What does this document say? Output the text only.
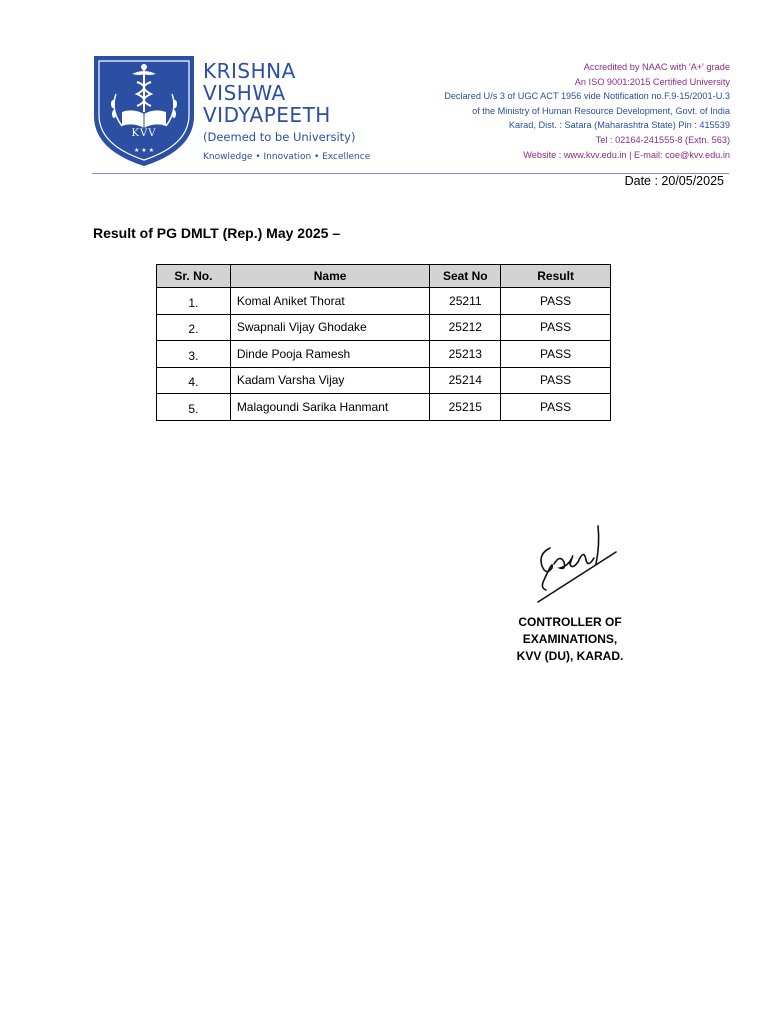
★ ★ ★
KVV
KRISHNA
VISHWA
VIDYAPEETH
(Deemed to be University)
Knowledge • Innovation • Excellence
Accredited by NAAC with 'A+' grade
An ISO 9001:2015 Certified University
Declared U/s 3 of UGC ACT 1956 vide Notification no.F.9-15/2001-U.3
of the Ministry of Human Resource Development, Govt. of India
Karad, Dist. : Satara (Maharashtra State) Pin : 415539
Tel : 02164-241555-8 (Extn. 563)
Website : www.kvv.edu.in | E-mail: coe@kvv.edu.in
Date : 20/05/2025
Result of PG DMLT (Rep.) May 2025 –
Sr. No.	Name	Seat No	Result
1.	Komal Aniket Thorat	25211	PASS
2.	Swapnali Vijay Ghodake	25212	PASS
3.	Dinde Pooja Ramesh	25213	PASS
4.	Kadam Varsha Vijay	25214	PASS
5.	Malagoundi Sarika Hanmant	25215	PASS
CONTROLLER OF EXAMINATIONS,
KVV (DU), KARAD.
